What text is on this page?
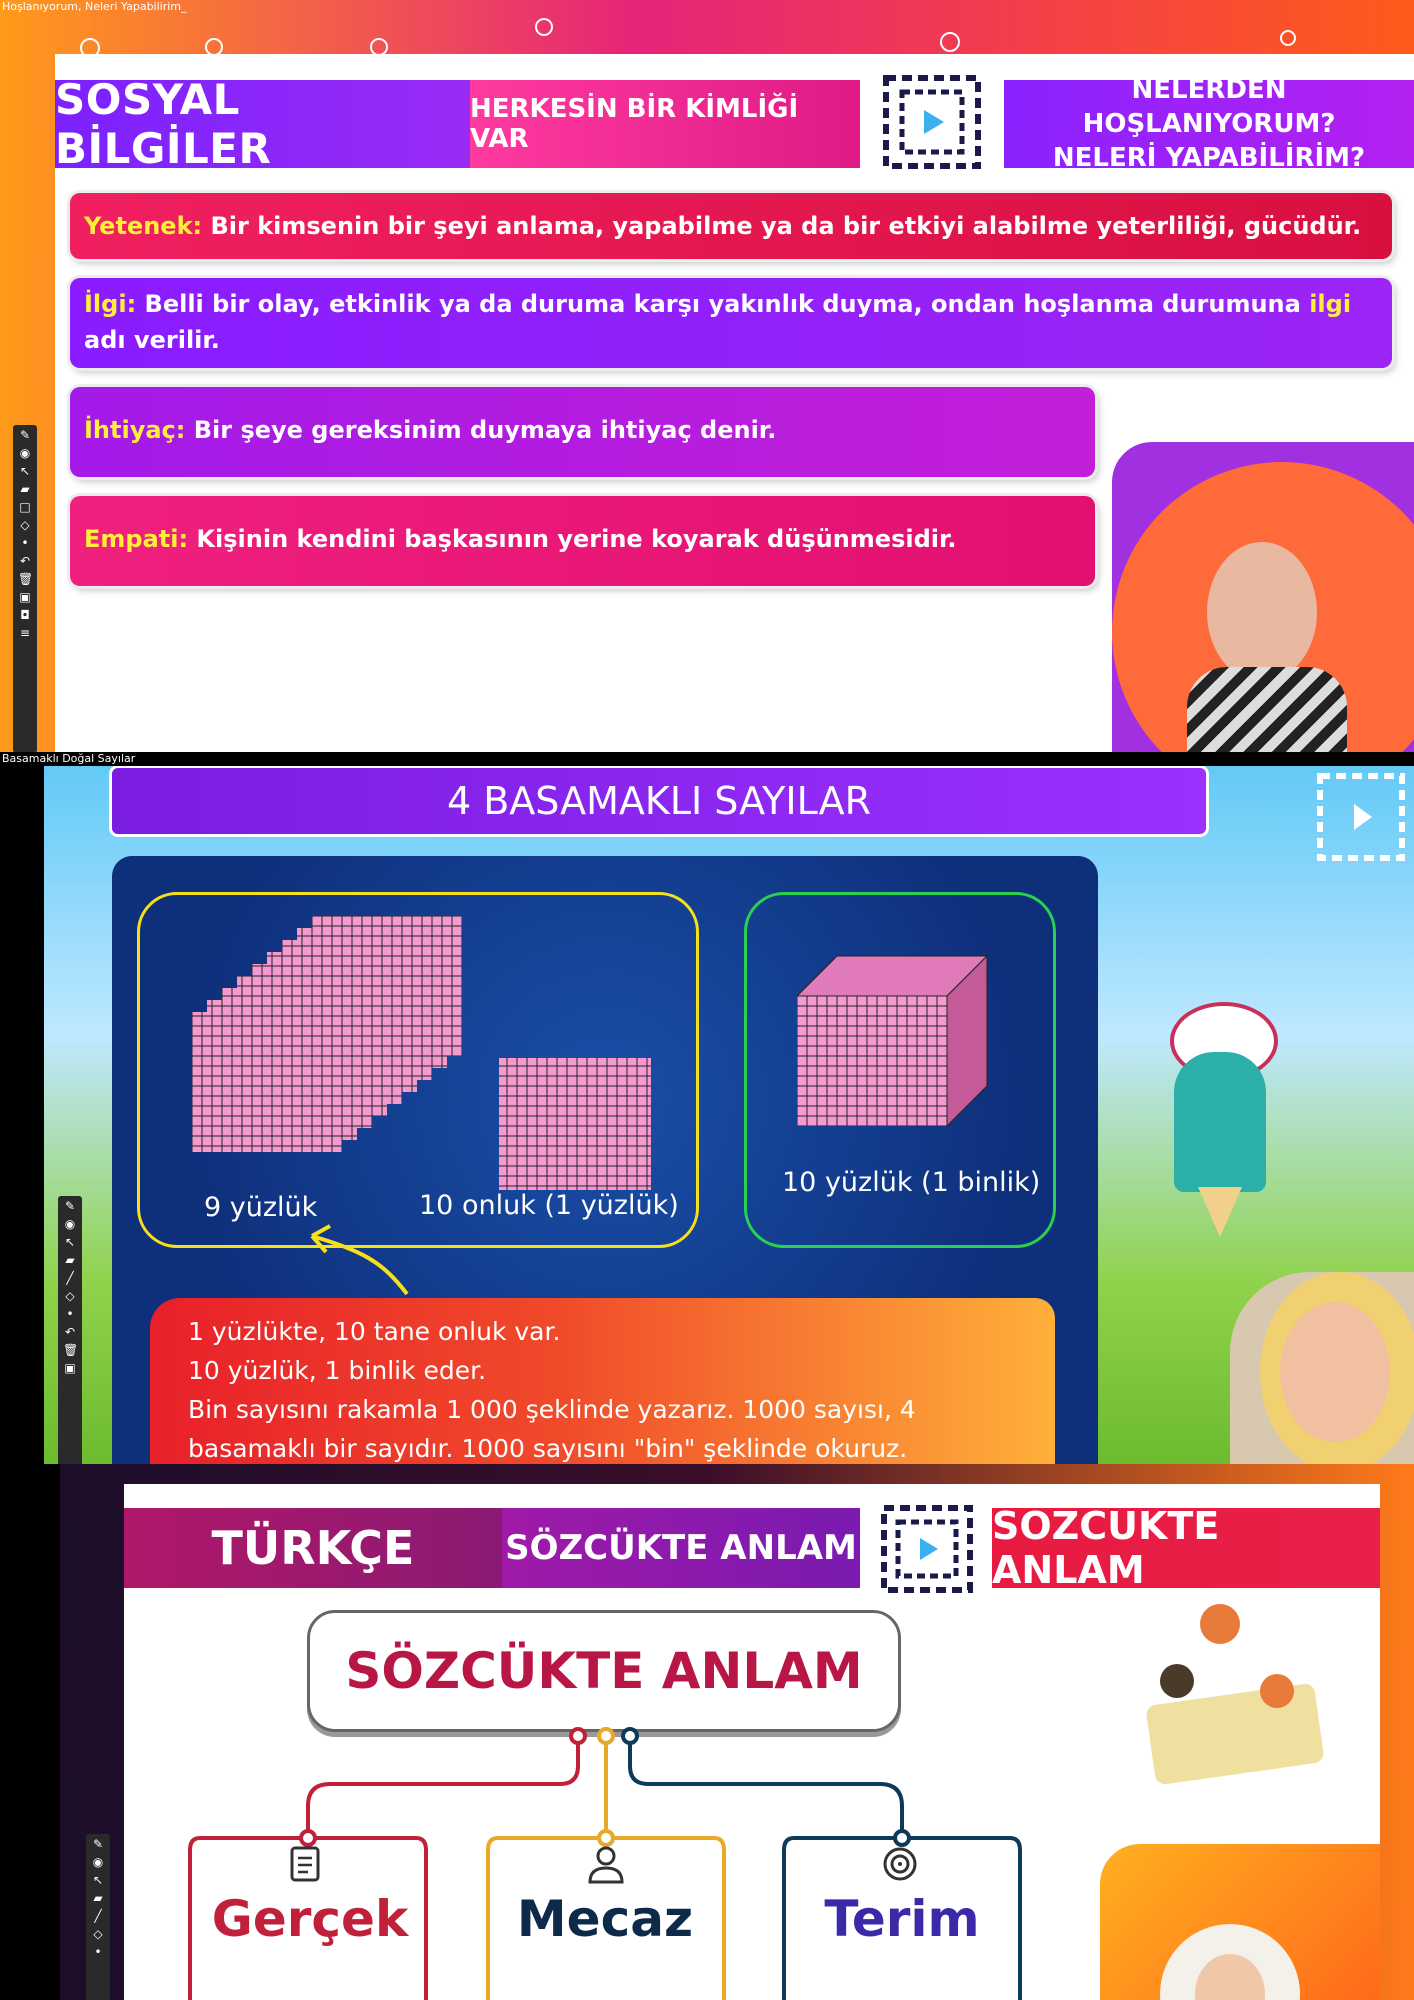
Hoşlanıyorum, Neleri Yapabilirim_
SOSYAL BİLGİLER
HERKESİN BİR KİMLİĞİ VAR
NELERDEN HOŞLANIYORUM?
NELERİ YAPABİLİRİM?
Yetenek: Bir kimsenin bir şeyi anlama, yapabilme ya da bir etkiyi alabilme yeterliliği, gücüdür.
İlgi: Belli bir olay, etkinlik ya da duruma karşı yakınlık duyma, ondan hoşlanma durumuna ilgi adı verilir.
İhtiyaç: Bir şeye gereksinim duymaya ihtiyaç denir.
Empati: Kişinin kendini başkasının yerine koyarak düşünmesidir.
✎
◉
↖
▰
□
◇
•
↶
🗑
▣
◘
≡
Basamaklı Doğal Sayılar
4 BASAMAKLI SAYILAR
9 yüzlük	10 onluk (1 yüzlük)
10 yüzlük (1 binlik)
1 yüzlükte, 10 tane onluk var.
10 yüzlük, 1 binlik eder.
Bin sayısını rakamla 1 000 şeklinde yazarız. 1000 sayısı, 4
basamaklı bir sayıdır. 1000 sayısını "bin" şeklinde okuruz.
✎
◉
↖
▰
╱
◇
•
↶
🗑
▣
TÜRKÇE	SÖZCÜKTE ANLAM	SÖZCÜKTE ANLAM
SÖZCÜKTE ANLAM
Gerçek Mecaz	Terim
✎
◉
↖
▰
╱
◇
•
